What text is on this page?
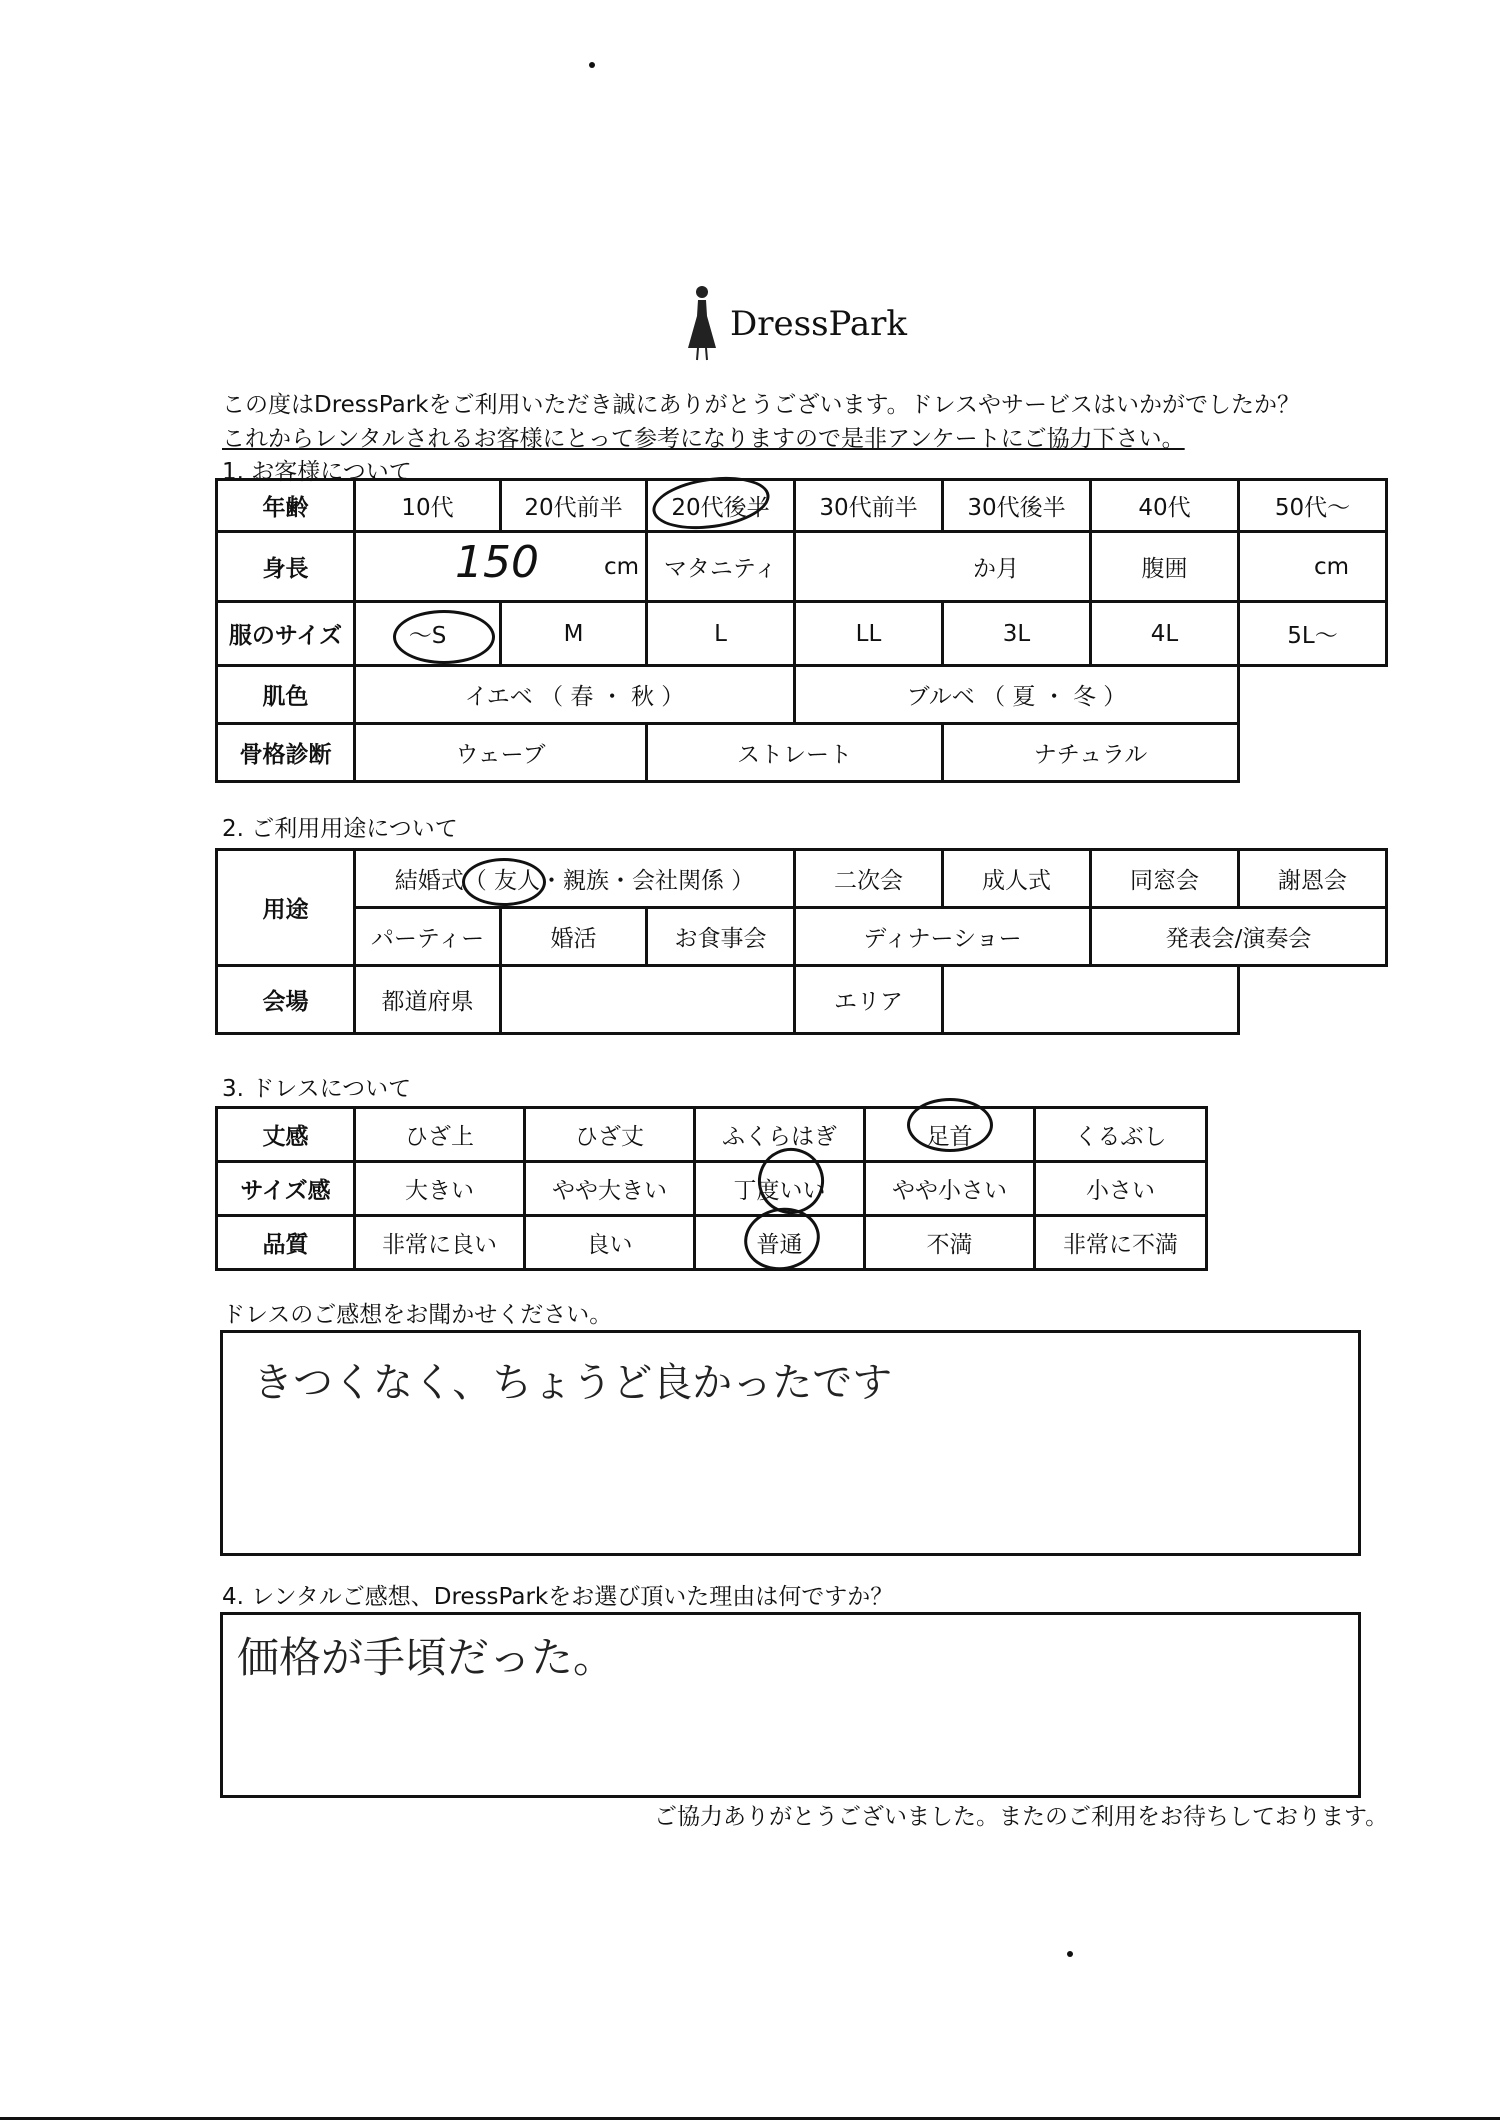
DressPark
この度はDressParkをご利用いただき誠にありがとうございます。ドレスやサービスはいかがでしたか？
これからレンタルされるお客様にとって参考になりますので是非アンケートにご協力下さい。
1. お客様について
年齢	10代	20代前半	20代後半	30代前半	30代後半	40代	50代〜
身長	150 cm		マタニティ	か月		腹囲	cm
服のサイズ	〜S	M	L	LL	3L	4L	5L〜
肌色	イエベ （ 春 ・ 秋 ）			ブルベ （ 夏 ・ 冬 ）			
骨格診断	ウェーブ		ストレート		ナチュラル		
2. ご利用用途について
用途	結婚式（ 友人・親族・会社関係 ）			二次会	成人式	同窓会	謝恩会
	パーティー	婚活	お食事会	ディナーショー		発表会/演奏会	
会場	都道府県			エリア			
3. ドレスについて
丈感	ひざ上	ひざ丈	ふくらはぎ	足首	くるぶし
サイズ感	大きい	やや大きい	丁度いい	やや小さい	小さい
品質	非常に良い	良い	普通	不満	非常に不満
ドレスのご感想をお聞かせください。
きつくなく、ちょうど良かったです
4. レンタルご感想、DressParkをお選び頂いた理由は何ですか？
価格が手頃だった。
ご協力ありがとうございました。またのご利用をお待ちしております。
